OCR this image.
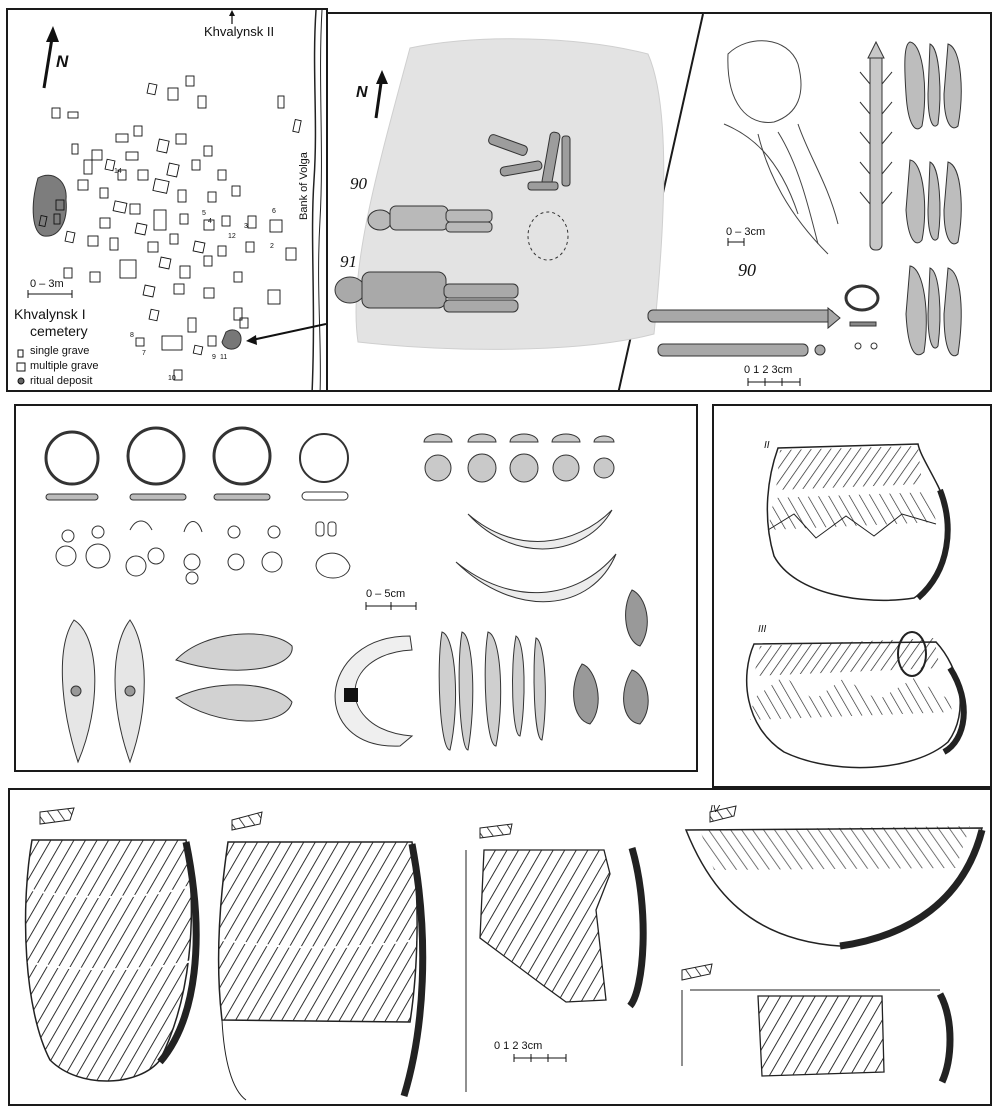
N
Khvalynsk II
Bank of Volga
0 – 3m
Khvalynsk I
cemetery
single grave
multiple grave
ritual deposit
8
7
3
9
10
4
5
11
12
14
2
6
N
90
91	90
0 – 3cm
0 1 2 3cm
0 – 5cm
II
III
0 1 2 3cm
IV
